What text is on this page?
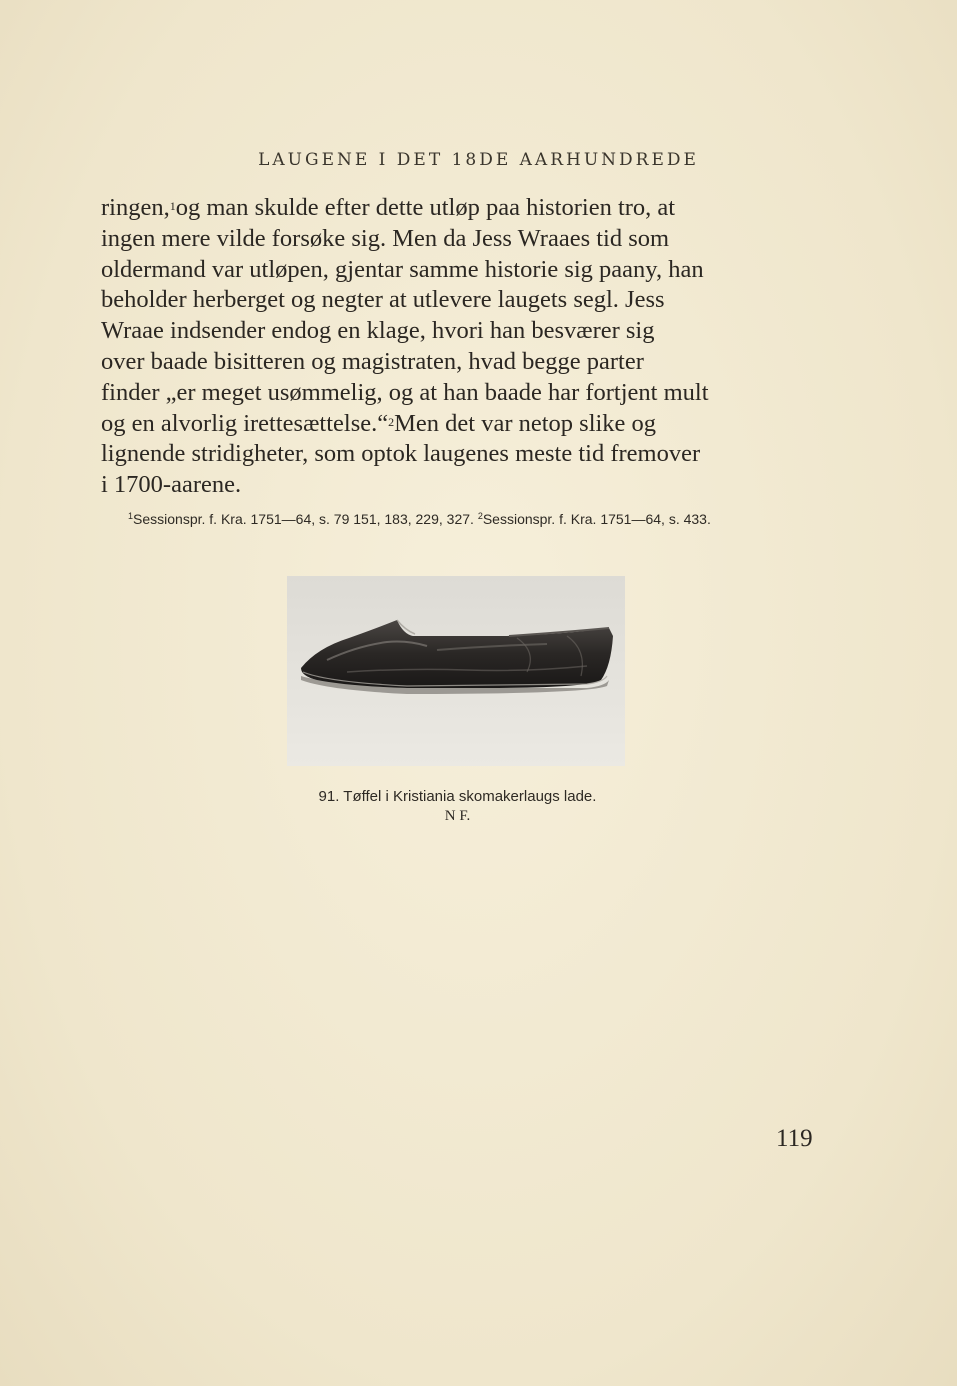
LAUGENE I DET 18DE AARHUNDREDE
ringen,$^1$og man skulde efter dette utløp paa historien tro, at
ingen mere vilde forsøke sig. Men da Jess Wraaes tid som
oldermand var utløpen, gjentar samme historie sig paany, han
beholder herberget og negter at utlevere laugets segl. Jess
Wraae indsender endog en klage, hvori han besværer sig
over baade bisitteren og magistraten, hvad begge parter
finder „er meget usømmelig, og at han baade har fortjent mult
og en alvorlig irettesættelse.“$^2$Men det var netop slike og
lignende stridigheter, som optok laugenes meste tid fremover
i 1700-aarene.
$^1$Sessionspr. f. Kra. 1751—64, s. 79 151, 183, 229, 327. $^2$Sessionspr. f. Kra. 1751—64, s. 433.
91. Tøffel i Kristiania skomakerlaugs lade.
N F.
119
